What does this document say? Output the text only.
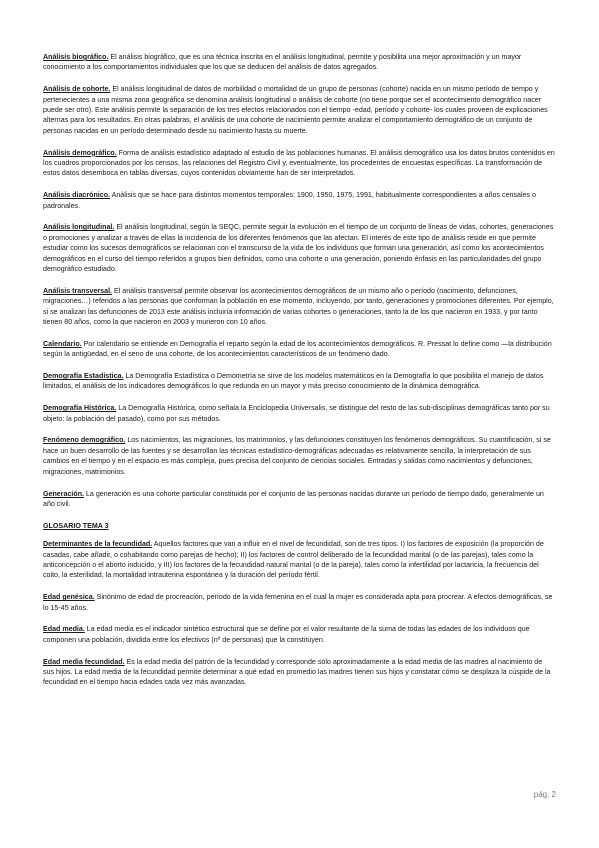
Análisis biográfico. El análisis biográfico, que es una técnica inscrita en el análisis longitudinal, permite y posibilita una mejor aproximación y un mayor conocimiento a los comportamientos individuales que los que se deducen del análisis de datos agregados.

Análisis de cohorte. El análisis longitudinal de datos de morbilidad o mortalidad de un grupo de personas (cohorte) nacida en un mismo período de tiempo y pertenecientes a una misma zona geográfica se denomina análisis longitudinal o análisis de cohorte (no tiene porque ser el acontecimiento demográfico nacer puede ser otro). Este análisis permite la separación de los tres efectos relacionados con el tiempo -edad, período y cohorte- los cuales proveen de explicaciones alternas para los resultados. En otras palabras, el análisis de una cohorte de nacimiento permite analizar el comportamiento demográfico de un conjunto de personas nacidas en un período determinado desde su nacimiento hasta su muerte.

Análisis demográfico. Forma de análisis estadístico adaptado al estudio de las poblaciones humanas. El análisis demográfico usa los datos brutos contenidos en los cuadros proporcionados por los censos, las relaciones del Registro Civil y, eventualmente, los procedentes de encuestas específicas. La transformación de estos datos desemboca en tablas diversas, cuyos contenidos obviamente han de ser interpretados.

Análisis diacrónico. Análisis que se hace para distintos momentos temporales: 1900, 1950, 1975, 1991, habitualmente correspondientes a años censales o padronales.

Análisis longitudinal. El análisis longitudinal, según la SEQC, permite seguir la evolución en el tiempo de un conjunto de líneas de vidas, cohortes, generaciones o promociones y analizar a través de ellas la incidencia de los diferentes fenómenos que las afectan. El interés de este tipo de análisis reside en que permite estudiar como los sucesos demográficos se relacionan con el transcurso de la vida de los individuos que forman una generación, así como los acontecimientos demográficos en el curso del tiempo referidos a grupos bien definidos, como una cohorte o una generación, poniendo énfasis en las particularidades del grupo demográfico estudiado.

Análisis transversal. El análisis transversal permite observar los acontecimientos demográficos de un mismo año o período (nacimiento, defunciones, migraciones…) referidos a las personas que conforman la población en ese momento, incluyendo, por tanto, generaciones y promociones diferentes. Por ejemplo, si se analizan las defunciones de 2013 este análisis incluiría información de varias cohortes o generaciones, tanto la de los que nacieron en 1933, y por tanto tienen 80 años, como la que nacieron en 2003 y murieron con 10 años.

Calendario. Por calendario se entiende en Demografía el reparto según la edad de los acontecimientos demográficos. R. Pressat lo define como —la distribución según la antigüedad, en el seno de una cohorte, de los acontecimientos característicos de un fenómeno dado.

Demografía Estadística. La Demografía Estadística o Demometría se sirve de los modelos matemáticos en la Demografía lo que posibilita el manejo de datos limitados, el análisis de los indicadores demográficos lo que redunda en un mayor y más preciso conocimiento de la dinámica demográfica.

Demografía Histórica. La Demografía Histórica, como señala la Enciclopedia Universalis, se distingue del resto de las sub-disciplinas demográficas tanto por su objeto: la población del pasado), como por sus métodos.

Fenómeno demográfico. Los nacimientos, las migraciones, los matrimonios, y las defunciones constituyen los fenómenos demográficos. Su cuantificación, si se hace un buen desarrollo de las fuentes y se desarrollan las técnicas estadístico-demográficas adecuadas es relativamente sencilla, la interpretación de sus cambios en el tiempo y en el espacio es más compleja, pues precisa del conjunto de ciencias sociales. Entradas y salidas como nacimientos y defunciones, migraciones, matrimonios.

Generación. La generación es una cohorte particular constituida por el conjunto de las personas nacidas durante un período de tiempo dado, generalmente un año civil.

GLOSARIO TEMA 3

Determinantes de la fecundidad. Aquellos factores que van a influir en el nivel de fecundidad, son de tres tipos. I) los factores de exposición (la proporción de casadas, cabe añadir, o cohabitando como parejas de hecho); II) los factores de control deliberado de la fecundidad marital (o de las parejas), tales como la anticoncepción o el aborto inducido, y III) los factores de la fecundidad natural marital (o de la pareja), tales como la infertilidad por lactancia, la frecuencia del coito, la esterilidad, la mortalidad intrauterina espontánea y la duración del período fértil.

Edad genésica. Sinónimo de edad de procreación, período de la vida femenina en el cual la mujer es considerada apta para procrear. A efectos demográficos, se lo 15-45 años.

Edad media. La edad media es el indicador sintético estructural que se define por el valor resultante de la suma de todas las edades de los individuos que componen una población, dividida entre los efectivos (nº de personas) que la constituyen.

Edad media fecundidad. Es la edad media del patrón de la fecundidad y corresponde sólo aproximadamente a la edad media de las madres al nacimiento de sus hijos. La edad media de la fecundidad permite determinar a qué edad en promedio las madres tienen sus hijos y constatar cómo se desplaza la cúspide de la fecundidad en el tiempo hacia edades cada vez más avanzadas.

pág. 2
